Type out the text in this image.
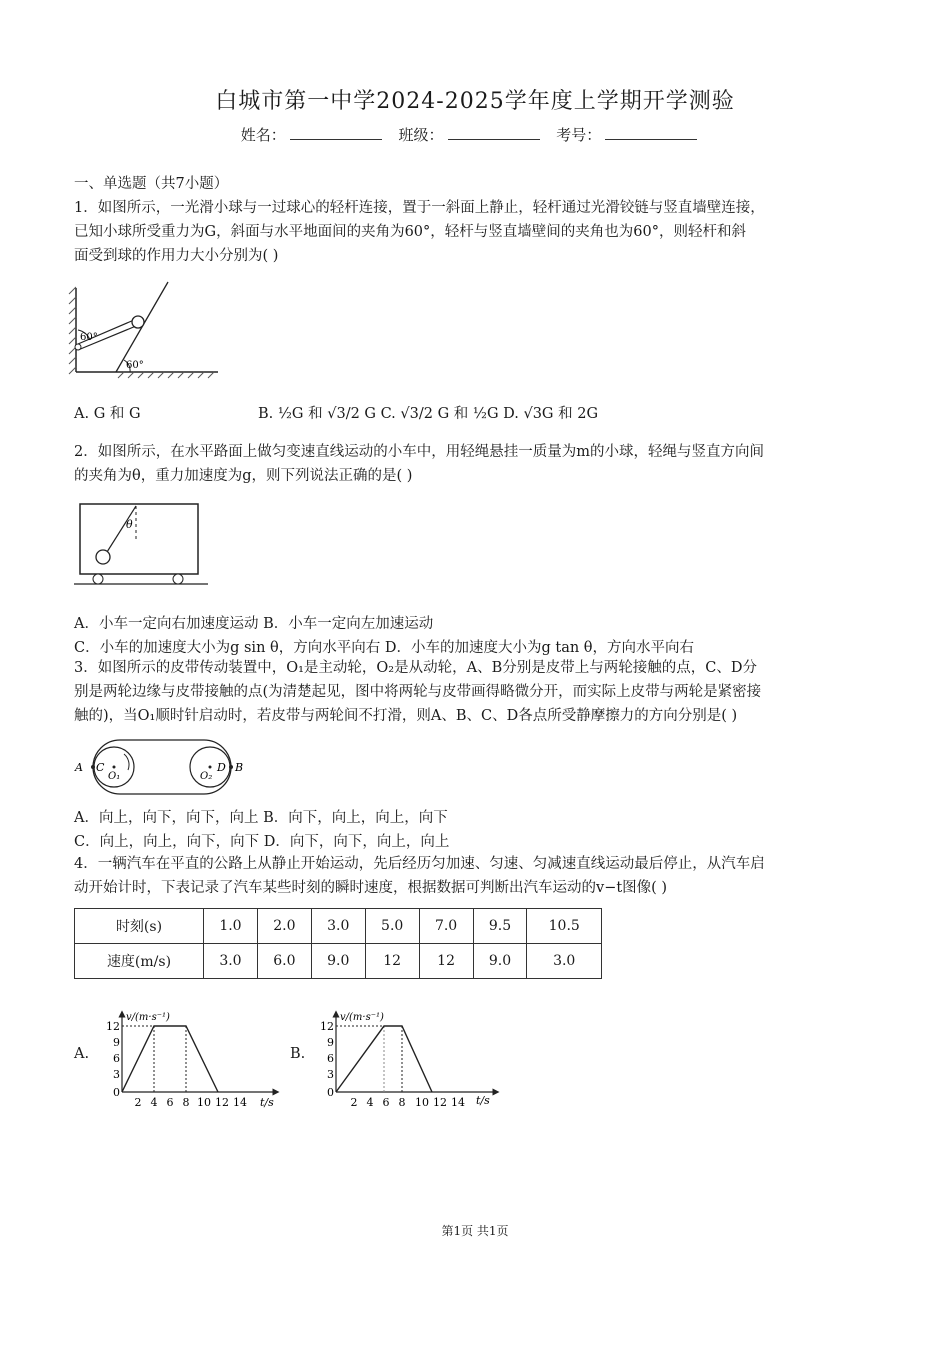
白城市第一中学2024-2025学年度上学期开学测验
姓名：	班级：	考号：
一、单选题（共7小题）
1．如图所示，一光滑小球与一过球心的轻杆连接，置于一斜面上静止，轻杆通过光滑铰链与竖直墙壁连接，
已知小球所受重力为G，斜面与水平地面间的夹角为60°，轻杆与竖直墙壁间的夹角也为60°，则轻杆和斜
面受到球的作用力大小分别为( )
60°
60°
A. G 和 G	B. ½G 和 √3/2 G C. √3/2 G 和 ½G D. √3G 和 2G
2．如图所示，在水平路面上做匀变速直线运动的小车中，用轻绳悬挂一质量为m的小球，轻绳与竖直方向间
的夹角为θ，重力加速度为g，则下列说法正确的是( )
θ
A．小车一定向右加速度运动 B．小车一定向左加速运动
C．小车的加速度大小为g sin θ，方向水平向右 D．小车的加速度大小为g tan θ，方向水平向右
3．如图所示的皮带传动装置中，O₁是主动轮，O₂是从动轮，A、B分别是皮带上与两轮接触的点，C、D分
别是两轮边缘与皮带接触的点(为清楚起见，图中将两轮与皮带画得略微分开，而实际上皮带与两轮是紧密接
触的)，当O₁顺时针启动时，若皮带与两轮间不打滑，则A、B、C、D各点所受静摩擦力的方向分别是( )
A C
O₁	O₂
D B
A．向上，向下，向下，向上 B．向下，向上，向上，向下
C．向上，向上，向下，向下 D．向下，向下，向上，向上
4．一辆汽车在平直的公路上从静止开始运动，先后经历匀加速、匀速、匀减速直线运动最后停止，从汽车启
动开始计时，下表记录了汽车某些时刻的瞬时速度，根据数据可判断出汽车运动的v−t图像( )
时刻(s)	1.0	2.0	3.0	5.0	7.0	9.5	10.5
速度(m/s)	3.0	6.0	9.0	12	12	9.0	3.0
A.
v/(m·s⁻¹)
t/s
12
9
6
3
0
2 4 6 8 10 12 14
B.
v/(m·s⁻¹)
t/s
12
9
6
3
0
2 4 6 8 10 12 14
第1页 共1页
